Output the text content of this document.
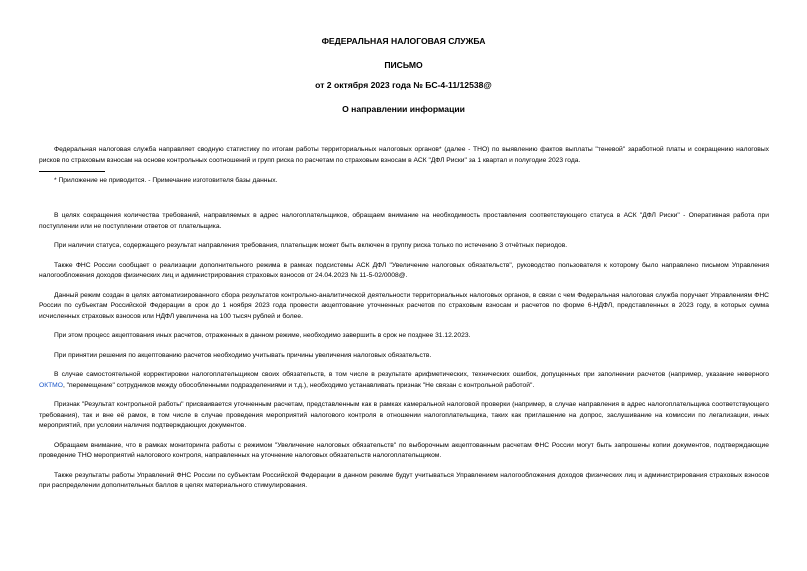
ФЕДЕРАЛЬНАЯ НАЛОГОВАЯ СЛУЖБА
ПИСЬМО
от 2 октября 2023 года № БС-4-11/12538@
О направлении информации

Федеральная налоговая служба направляет сводную статистику по итогам работы территориальных налоговых органов* (далее - ТНО) по выявлению фактов выплаты "теневой" заработной платы и сокращению налоговых рисков по страховым взносам на основе контрольных соотношений и групп риска по расчетам по страховым взносам в АСК "ДФЛ Риски" за 1 квартал и полугодие 2023 года.

* Приложение не приводится. - Примечание изготовителя базы данных.

В целях сокращения количества требований, направляемых в адрес налогоплательщиков, обращаем внимание на необходимость проставления соответствующего статуса в АСК "ДФЛ Риски" - Оперативная работа при поступлении или не поступлении ответов от плательщика.

При наличии статуса, содержащего результат направления требования, плательщик может быть включен в группу риска только по истечению 3 отчётных периодов.

Также ФНС России сообщает о реализации дополнительного режима в рамках подсистемы АСК ДФЛ "Увеличение налоговых обязательств", руководство пользователя к которому было направлено письмом Управления налогообложения доходов физических лиц и администрирования страховых взносов от 24.04.2023 № 11-5-02/0008@.

Данный режим создан в целях автоматизированного сбора результатов контрольно-аналитической деятельности территориальных налоговых органов, в связи с чем Федеральная налоговая служба поручает Управлениям ФНС России по субъектам Российской Федерации в срок до 1 ноября 2023 года провести акцептование уточненных расчетов по страховым взносам и расчетов по форме 6-НДФЛ, представленных в 2023 году, в которых сумма исчисленных страховых взносов или НДФЛ увеличена на 100 тысяч рублей и более.

При этом процесс акцептования иных расчетов, отраженных в данном режиме, необходимо завершить в срок не позднее 31.12.2023.

При принятии решения по акцептованию расчетов необходимо учитывать причины увеличения налоговых обязательств.

В случае самостоятельной корректировки налогоплательщиком своих обязательств, в том числе в результате арифметических, технических ошибок, допущенных при заполнении расчетов (например, указание неверного ОКТМО, "перемещение" сотрудников между обособленными подразделениями и т.д.), необходимо устанавливать признак "Не связан с контрольной работой".

Признак "Результат контрольной работы" присваивается уточненным расчетам, представленным как в рамках камеральной налоговой проверки (например, в случае направления в адрес налогоплательщика соответствующего требования), так и вне её рамок, в том числе в случае проведения мероприятий налогового контроля в отношении налогоплательщика, таких как приглашение на допрос, заслушивание на комиссии по легализации, иных мероприятий, при условии наличия подтверждающих документов.

Обращаем внимание, что в рамках мониторинга работы с режимом "Увеличение налоговых обязательств" по выборочным акцептованным расчетам ФНС России могут быть запрошены копии документов, подтверждающие проведение ТНО мероприятий налогового контроля, направленных на уточнение налоговых обязательств налогоплательщиком.

Также результаты работы Управлений ФНС России по субъектам Российской Федерации в данном режиме будут учитываться Управлением налогообложения доходов физических лиц и администрирования страховых взносов при распределении дополнительных баллов в целях материального стимулирования.
